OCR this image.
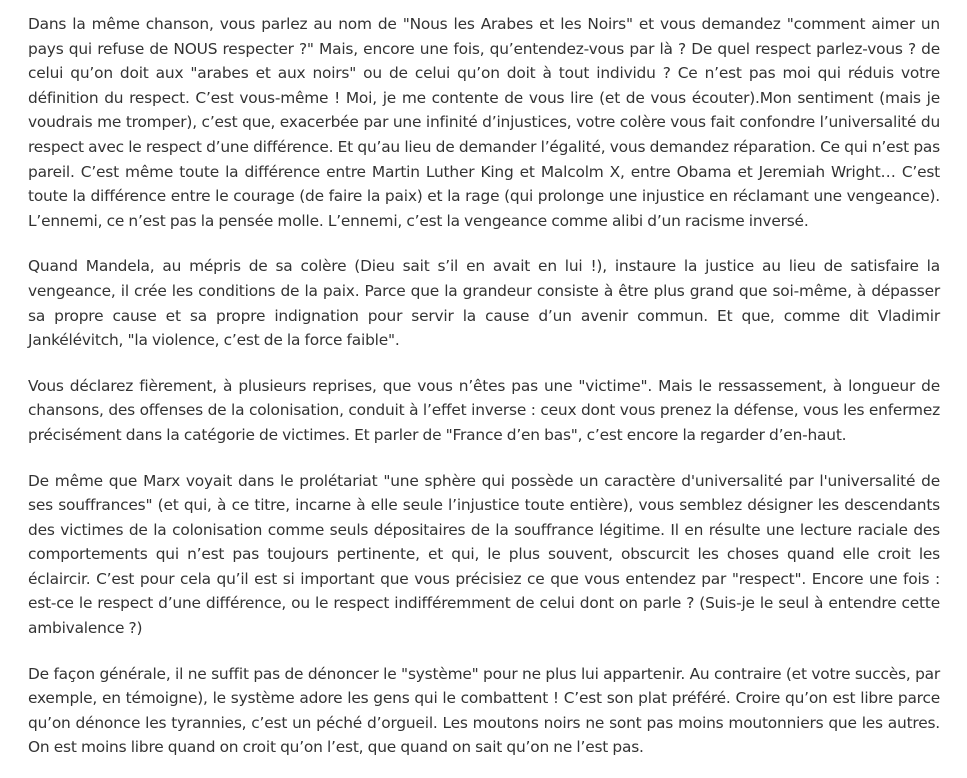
Dans la même chanson, vous parlez au nom de "Nous les Arabes et les Noirs" et vous demandez "comment aimer un pays qui refuse de NOUS respecter ?" Mais, encore une fois, qu’entendez-vous par là ? De quel respect parlez-vous ? de celui qu’on doit aux "arabes et aux noirs" ou de celui qu’on doit à tout individu ? Ce n’est pas moi qui réduis votre définition du respect. C’est vous-même ! Moi, je me contente de vous lire (et de vous écouter).Mon sentiment (mais je voudrais me tromper), c’est que, exacerbée par une infinité d’injustices, votre colère vous fait confondre l’universalité du respect avec le respect d’une différence. Et qu’au lieu de demander l’égalité, vous demandez réparation. Ce qui n’est pas pareil. C’est même toute la différence entre Martin Luther King et Malcolm X, entre Obama et Jeremiah Wright… C’est toute la différence entre le courage (de faire la paix) et la rage (qui prolonge une injustice en réclamant une vengeance). L’ennemi, ce n’est pas la pensée molle. L’ennemi, c’est la vengeance comme alibi d’un racisme inversé.

Quand Mandela, au mépris de sa colère (Dieu sait s’il en avait en lui !), instaure la justice au lieu de satisfaire la vengeance, il crée les conditions de la paix. Parce que la grandeur consiste à être plus grand que soi-même, à dépasser sa propre cause et sa propre indignation pour servir la cause d’un avenir commun. Et que, comme dit Vladimir Jankélévitch, "la violence, c’est de la force faible".

Vous déclarez fièrement, à plusieurs reprises, que vous n’êtes pas une "victime". Mais le ressassement, à longueur de chansons, des offenses de la colonisation, conduit à l’effet inverse : ceux dont vous prenez la défense, vous les enfermez précisément dans la catégorie de victimes. Et parler de "France d’en bas", c’est encore la regarder d’en-haut.

De même que Marx voyait dans le prolétariat "une sphère qui possède un caractère d'universalité par l'universalité de ses souffrances" (et qui, à ce titre, incarne à elle seule l’injustice toute entière), vous semblez désigner les descendants des victimes de la colonisation comme seuls dépositaires de la souffrance légitime. Il en résulte une lecture raciale des comportements qui n’est pas toujours pertinente, et qui, le plus souvent, obscurcit les choses quand elle croit les éclaircir. C’est pour cela qu’il est si important que vous précisiez ce que vous entendez par "respect". Encore une fois : est-ce le respect d’une différence, ou le respect indifféremment de celui dont on parle ? (Suis-je le seul à entendre cette ambivalence ?)

De façon générale, il ne suffit pas de dénoncer le "système" pour ne plus lui appartenir. Au contraire (et votre succès, par exemple, en témoigne), le système adore les gens qui le combattent ! C’est son plat préféré. Croire qu’on est libre parce qu’on dénonce les tyrannies, c’est un péché d’orgueil. Les moutons noirs ne sont pas moins moutonniers que les autres. On est moins libre quand on croit qu’on l’est, que quand on sait qu’on ne l’est pas.
